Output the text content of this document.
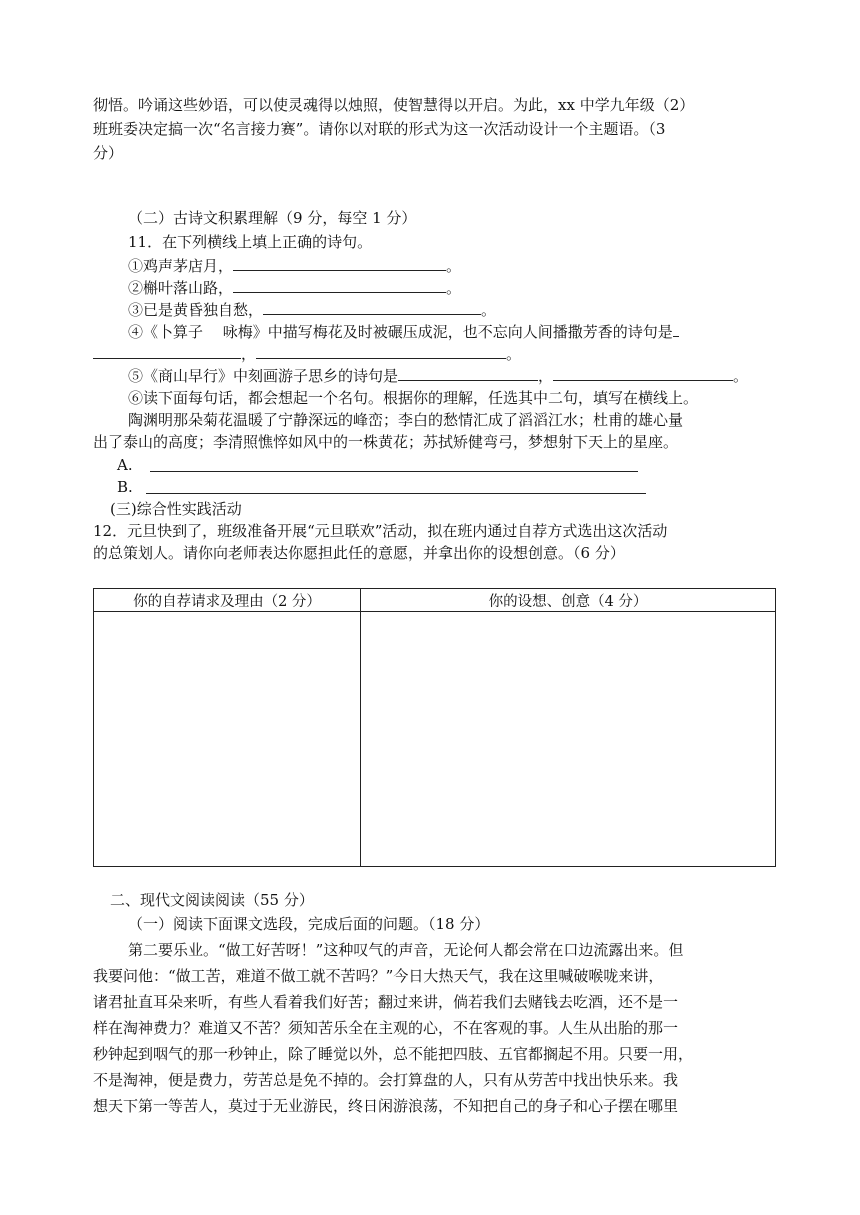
彻悟。吟诵这些妙语，可以使灵魂得以烛照，使智慧得以开启。为此，xx 中学九年级（2）
班班委决定搞一次“名言接力赛”。请你以对联的形式为这一次活动设计一个主题语。（3
分）
（二）古诗文积累理解（9 分，每空 1 分）
11．在下列横线上填上正确的诗句。
①鸡声茅店月，	。
②槲叶落山路，	。
③已是黄昏独自愁，	。
④《卜算子　 咏梅》中描写梅花及时被碾压成泥，也不忘向人间播撒芳香的诗句是
，	。
⑤《商山早行》中刻画游子思乡的诗句是	，	。
⑥读下面每句话，都会想起一个名句。根据你的理解，任选其中二句，填写在横线上。
陶渊明那朵菊花温暖了宁静深远的峰峦；李白的愁情汇成了滔滔江水；杜甫的雄心量
出了泰山的高度；李清照憔悴如风中的一株黄花；苏拭矫健弯弓，梦想射下天上的星座。
A.
B.
(三)综合性实践活动
12．元旦快到了，班级准备开展“元旦联欢”活动，拟在班内通过自荐方式选出这次活动
的总策划人。请你向老师表达你愿担此任的意愿，并拿出你的设想创意。（6 分）
你的自荐请求及理由（2 分）	你的设想、创意（4 分）

二、现代文阅读阅读（55 分）
（一）阅读下面课文选段，完成后面的问题。（18 分）
第二要乐业。“做工好苦呀！”这种叹气的声音，无论何人都会常在口边流露出来。但
我要问他：“做工苦，难道不做工就不苦吗？”今日大热天气，我在这里喊破喉咙来讲，
诸君扯直耳朵来听，有些人看着我们好苦；翻过来讲，倘若我们去赌钱去吃酒，还不是一
样在淘神费力？难道又不苦？须知苦乐全在主观的心，不在客观的事。人生从出胎的那一
秒钟起到咽气的那一秒钟止，除了睡觉以外，总不能把四肢、五官都搁起不用。只要一用，
不是淘神，便是费力，劳苦总是免不掉的。会打算盘的人，只有从劳苦中找出快乐来。我
想天下第一等苦人，莫过于无业游民，终日闲游浪荡，不知把自己的身子和心子摆在哪里
